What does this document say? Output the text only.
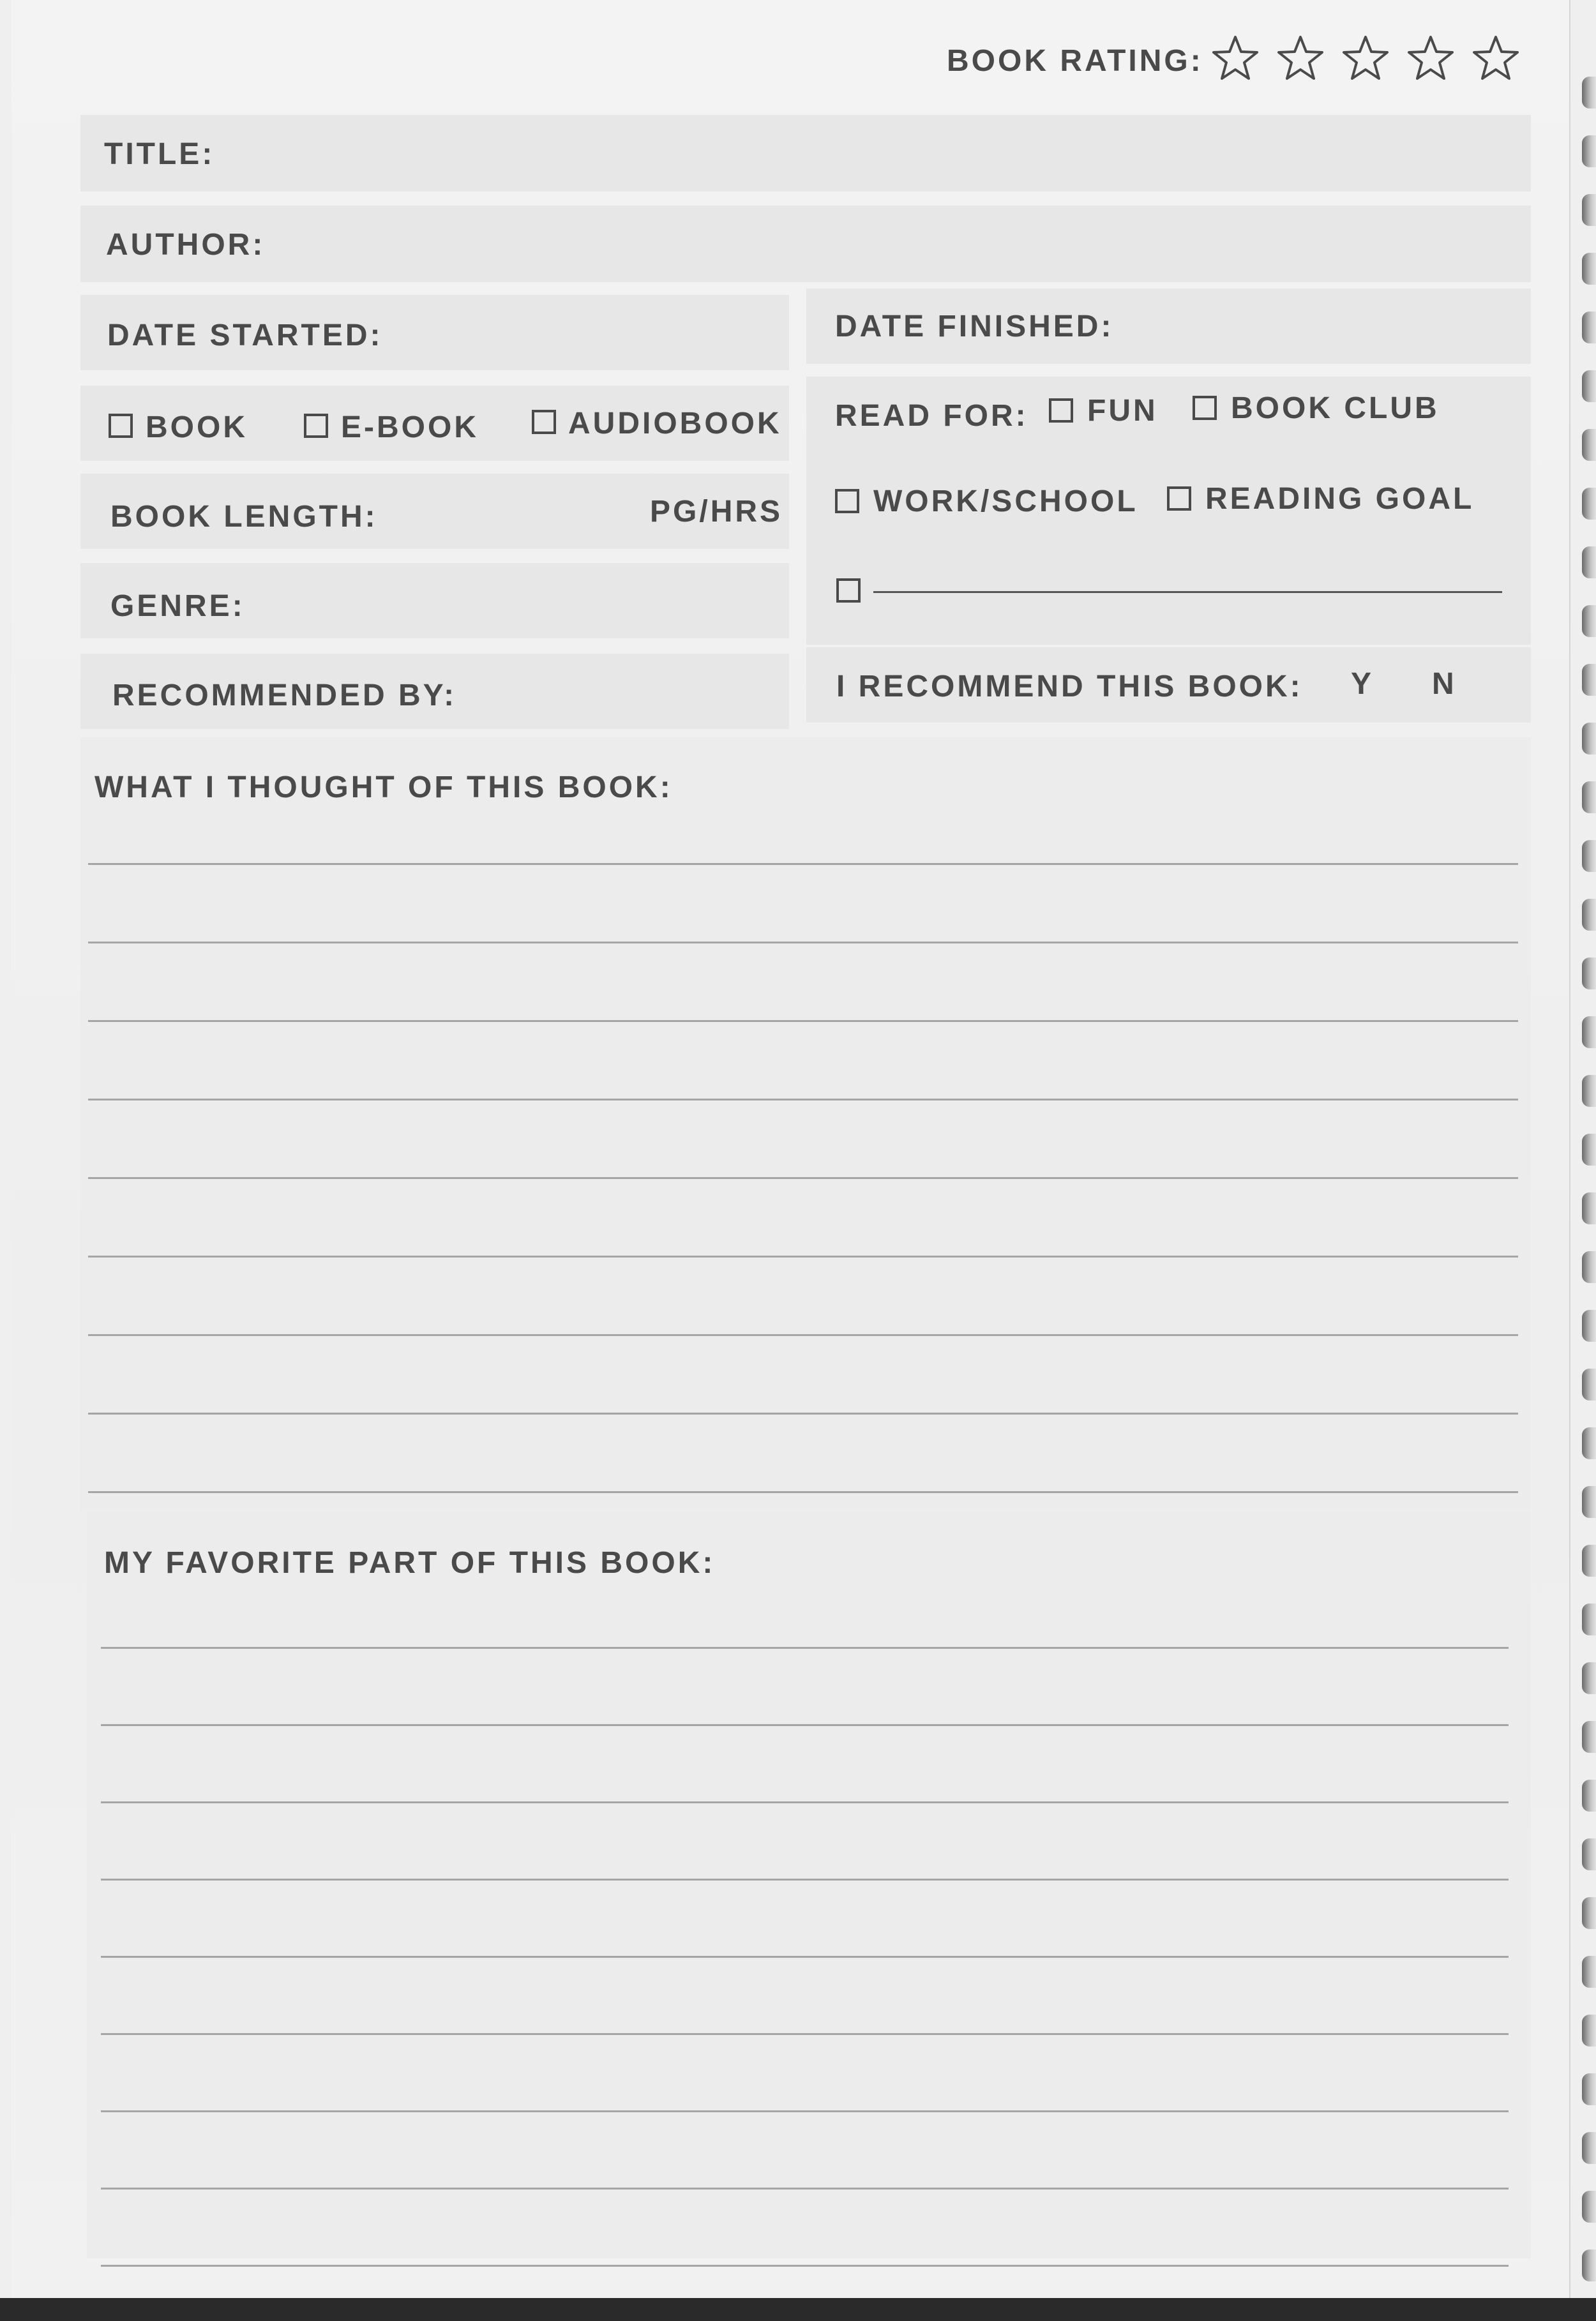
BOOK RATING:
TITLE:
AUTHOR:
DATE STARTED:	DATE FINISHED:
BOOK	E-BOOK	AUDIOBOOK READ FOR: FUN BOOK CLUB
WORK/SCHOOL READING GOAL
BOOK LENGTH:	PG/HRS
GENRE:
RECOMMENDED BY:	I RECOMMEND THIS BOOK: Y N
WHAT I THOUGHT OF THIS BOOK:
MY FAVORITE PART OF THIS BOOK:
